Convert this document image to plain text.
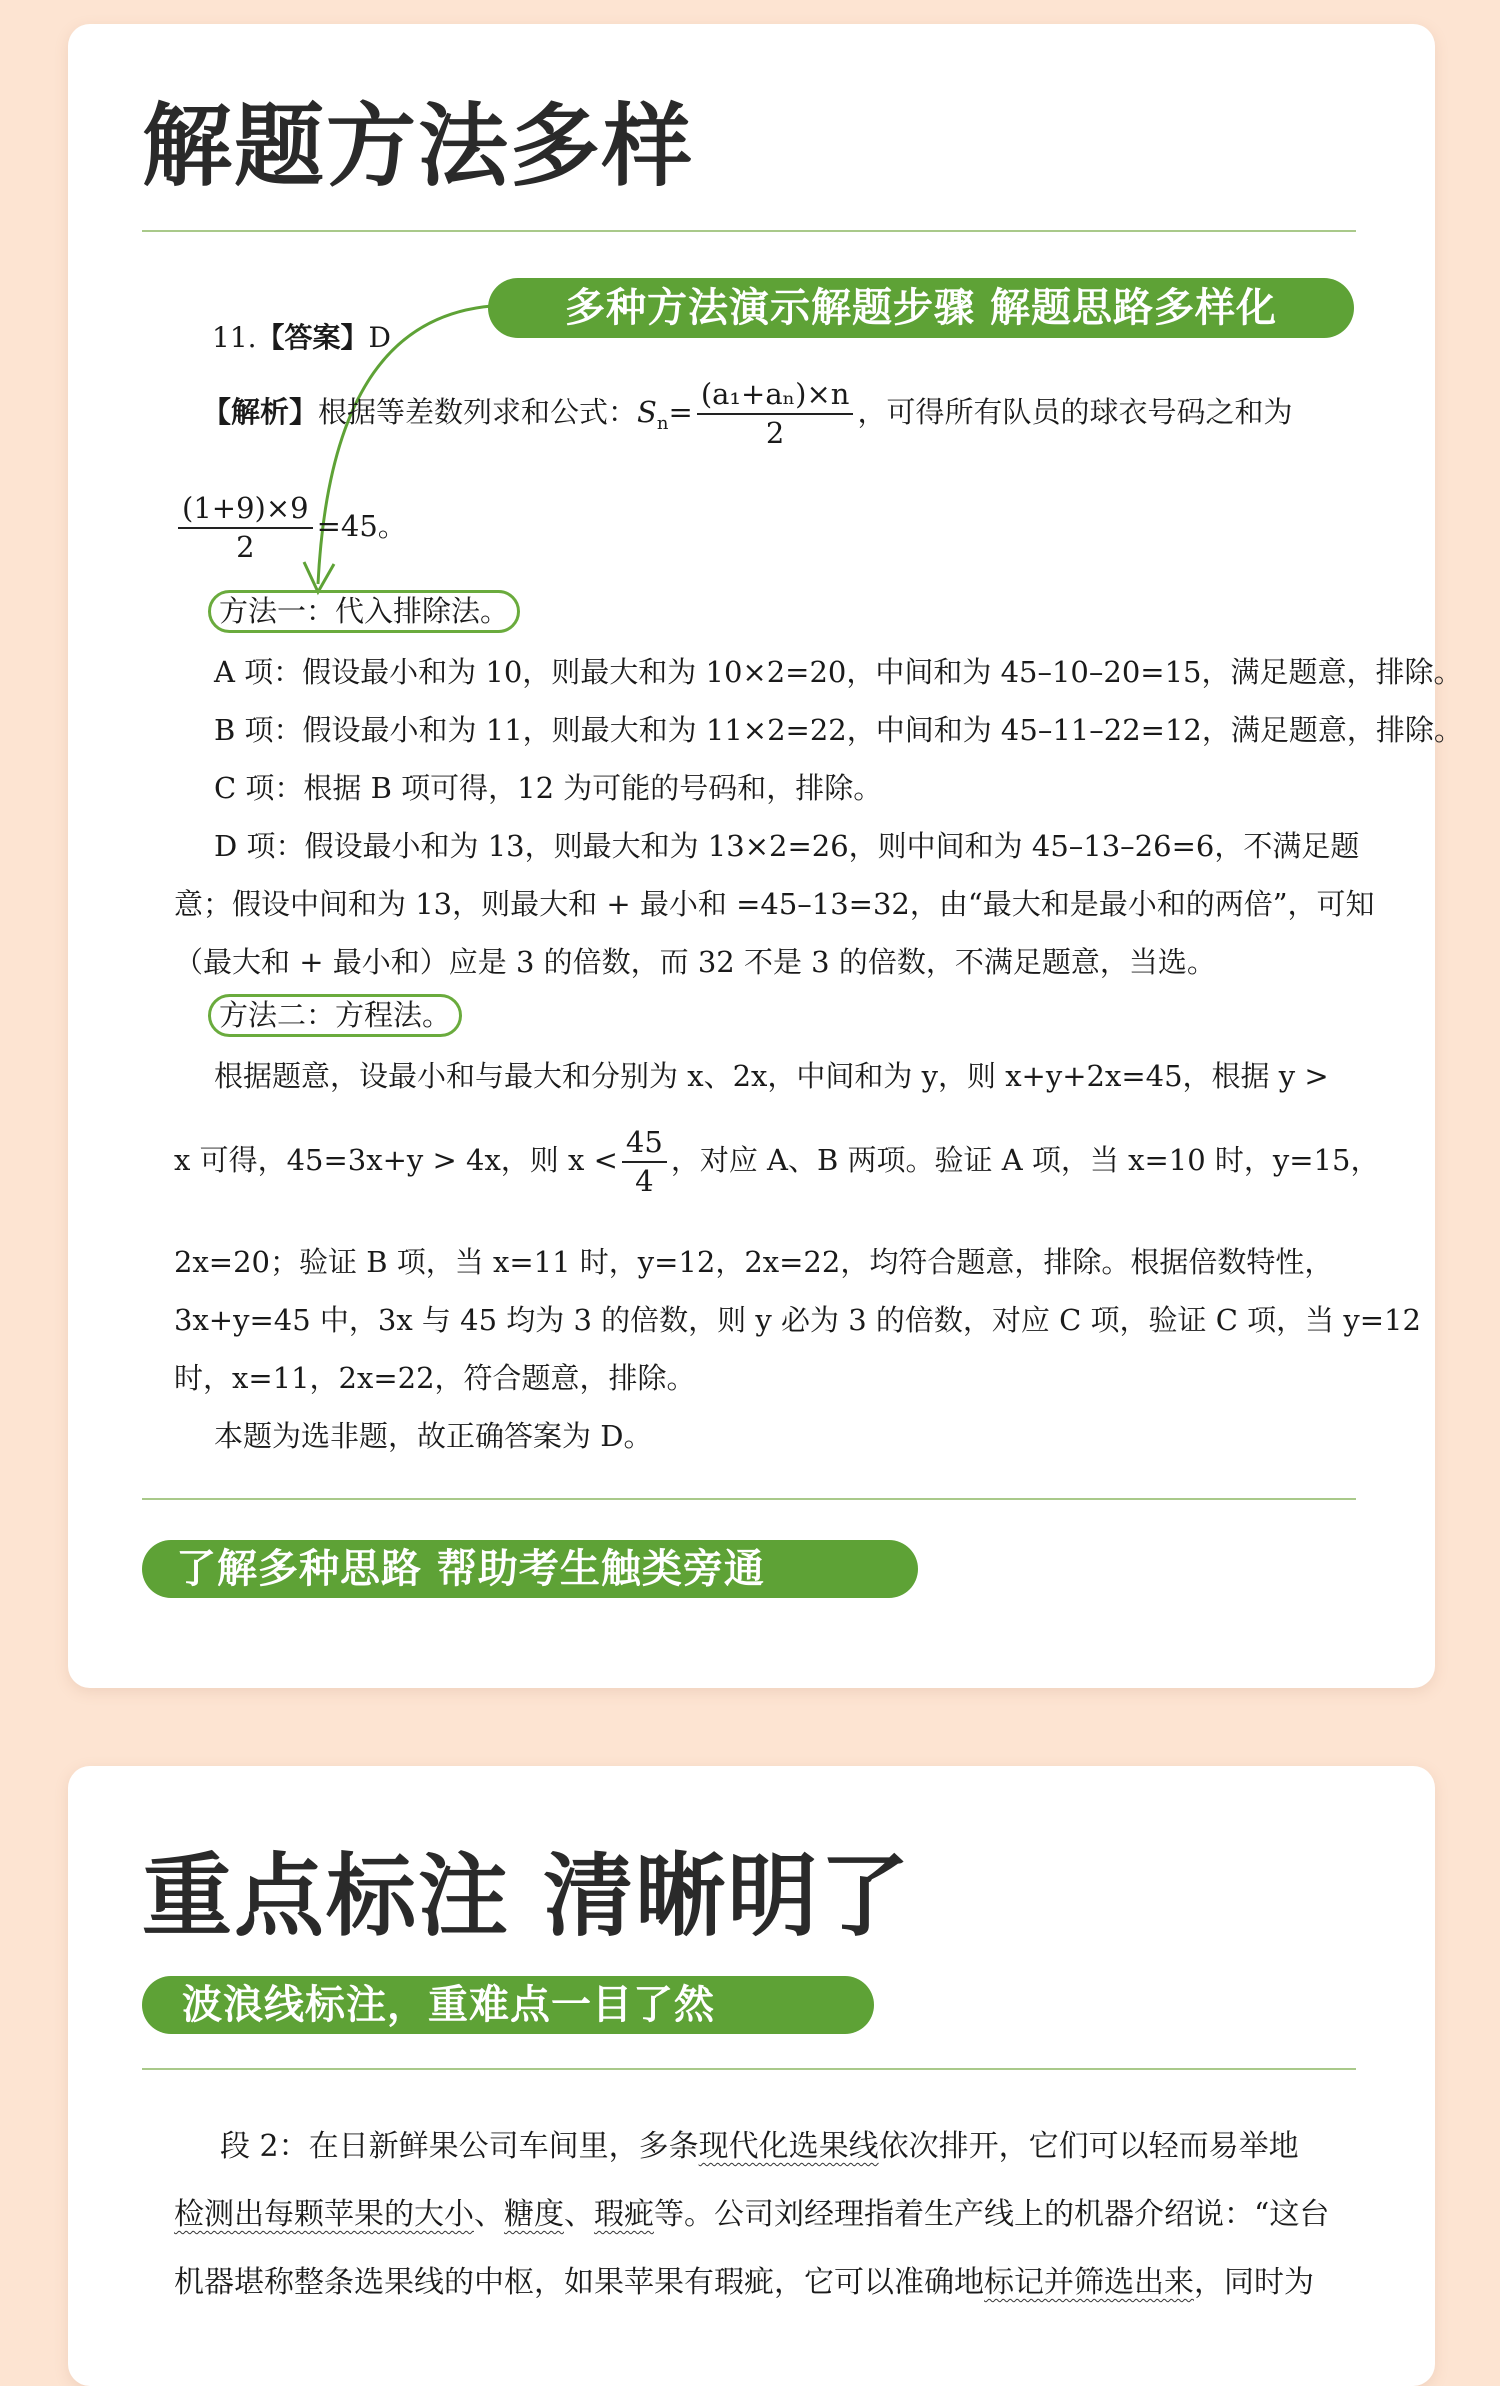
解题方法多样
多种方法演示解题步骤 解题思路多样化
11.【答案】D
【解析】根据等差数列求和公式：$S_n= \frac{\text{(a₁+aₙ)×n}}{2}$ ，可得所有队员的球衣号码之和为
$\frac{(1+9)\times 9}{2} =45$。
方法一：代入排除法。
A 项：假设最小和为 10，则最大和为 10×2=20，中间和为 45–10–20=15，满足题意，排除。
B 项：假设最小和为 11，则最大和为 11×2=22，中间和为 45–11–22=12，满足题意，排除。
C 项：根据 B 项可得，12 为可能的号码和，排除。
D 项：假设最小和为 13，则最大和为 13×2=26，则中间和为 45–13–26=6，不满足题
意；假设中间和为 13，则最大和 + 最小和 =45–13=32，由“最大和是最小和的两倍”，可知
（最大和 + 最小和）应是 3 的倍数，而 32 不是 3 的倍数，不满足题意，当选。
方法二：方程法。
根据题意，设最小和与最大和分别为 x、2x，中间和为 y，则 x+y+2x=45，根据 y >
x 可得，45=3x+y > 4x，则 $x < \frac{45}{4}$ ，对应 A、B 两项。验证 A 项，当 x=10 时，y=15，
2x=20；验证 B 项，当 x=11 时，y=12，2x=22，均符合题意，排除。根据倍数特性，
3x+y=45 中，3x 与 45 均为 3 的倍数，则 y 必为 3 的倍数，对应 C 项，验证 C 项，当 y=12
时，x=11，2x=22，符合题意，排除。
本题为选非题，故正确答案为 D。
了解多种思路 帮助考生触类旁通
重点标注 清晰明了
波浪线标注，重难点一目了然
段 2：在日新鲜果公司车间里，多条现代化选果线依次排开，它们可以轻而易举地
检测出每颗苹果的大小、糖度、瑕疵等。公司刘经理指着生产线上的机器介绍说：“这台
机器堪称整条选果线的中枢，如果苹果有瑕疵，它可以准确地标记并筛选出来，同时为
